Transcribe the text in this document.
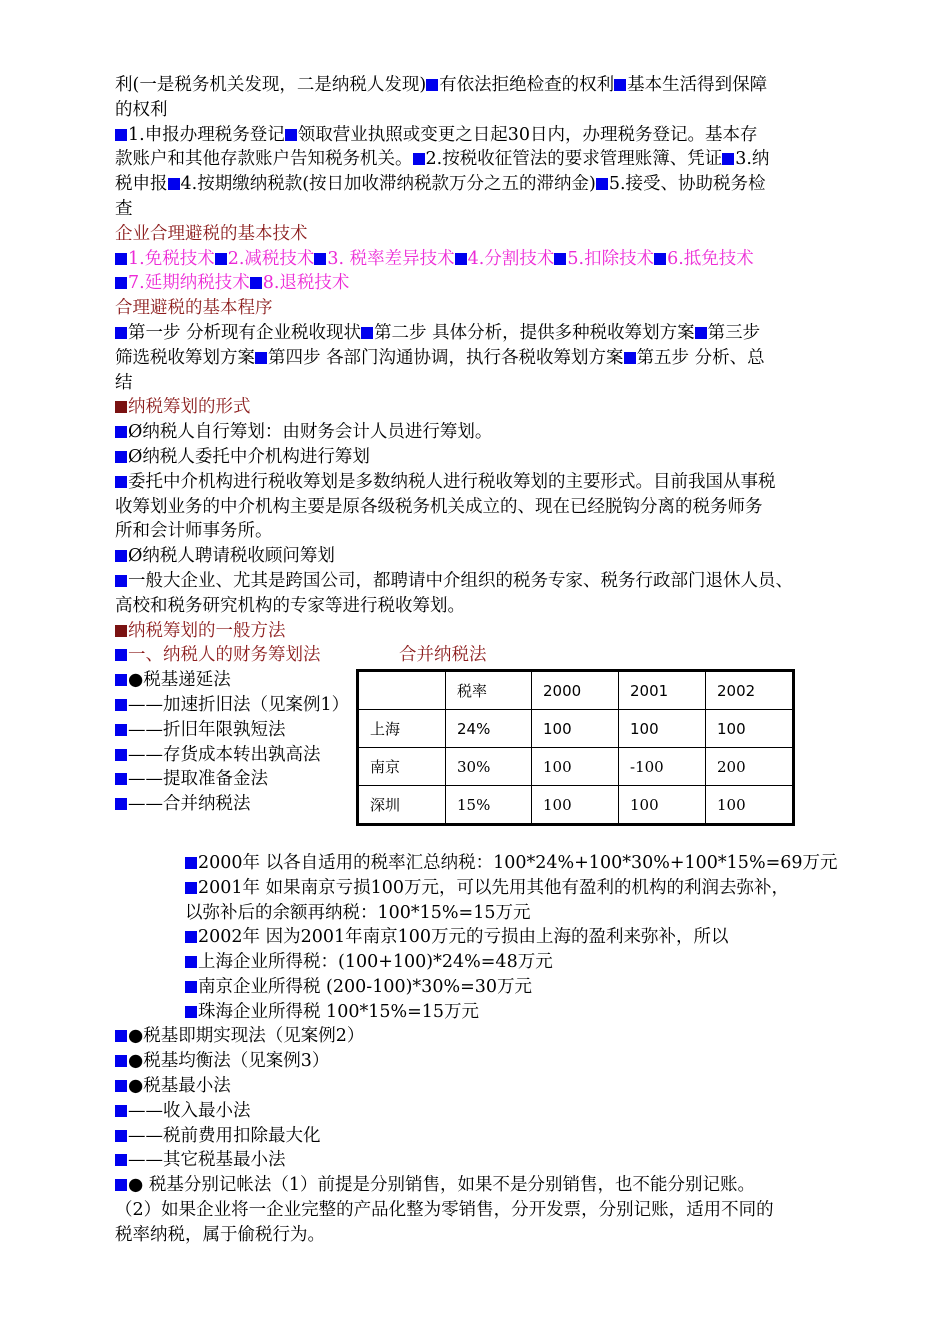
利(一是税务机关发现，二是纳税人发现) 有依法拒绝检查的权利 基本生活得到保障
的权利
1.申报办理税务登记 领取营业执照或变更之日起30日内，办理税务登记。基本存
款账户和其他存款账户告知税务机关。 2.按税收征管法的要求管理账簿、凭证 3.纳
税申报 4.按期缴纳税款(按日加收滞纳税款万分之五的滞纳金) 5.接受、协助税务检
查
企业合理避税的基本技术
1.免税技术 2.减税技术 3. 税率差异技术 4.分割技术 5.扣除技术 6.抵免技术
7.延期纳税技术 8.退税技术
合理避税的基本程序
第一步 分析现有企业税收现状 第二步 具体分析，提供多种税收筹划方案 第三步
筛选税收筹划方案 第四步 各部门沟通协调，执行各税收筹划方案 第五步 分析、总
结
纳税筹划的形式
Ø纳税人自行筹划：由财务会计人员进行筹划。
Ø纳税人委托中介机构进行筹划
委托中介机构进行税收筹划是多数纳税人进行税收筹划的主要形式。目前我国从事税
收筹划业务的中介机构主要是原各级税务机关成立的、现在已经脱钩分离的税务师务
所和会计师事务所。
Ø纳税人聘请税收顾问筹划
一般大企业、尤其是跨国公司，都聘请中介组织的税务专家、税务行政部门退休人员、
高校和税务研究机构的专家等进行税收筹划。
纳税筹划的一般方法
一、纳税人的财务筹划法	合并纳税法
●税基递延法
——加速折旧法（见案例1）
——折旧年限孰短法
——存货成本转出孰高法
——提取准备金法
——合并纳税法
2000年 以各自适用的税率汇总纳税：100*24%+100*30%+100*15%=69万元
2001年 如果南京亏损100万元，可以先用其他有盈利的机构的利润去弥补，
以弥补后的余额再纳税：100*15%=15万元
2002年 因为2001年南京100万元的亏损由上海的盈利来弥补，所以
上海企业所得税：(100+100)*24%=48万元
南京企业所得税 (200-100)*30%=30万元
珠海企业所得税 100*15%=15万元
●税基即期实现法（见案例2）
●税基均衡法（见案例3）
●税基最小法
——收入最小法
——税前费用扣除最大化
——其它税基最小法
● 税基分别记帐法（1）前提是分别销售，如果不是分别销售，也不能分别记账。
（2）如果企业将一企业完整的产品化整为零销售，分开发票，分别记账，适用不同的
税率纳税，属于偷税行为。
	税率	2000	2001	2002
上海	24%	100	100	100
南京	30%	100	-100	200
深圳	15%	100	100	100
